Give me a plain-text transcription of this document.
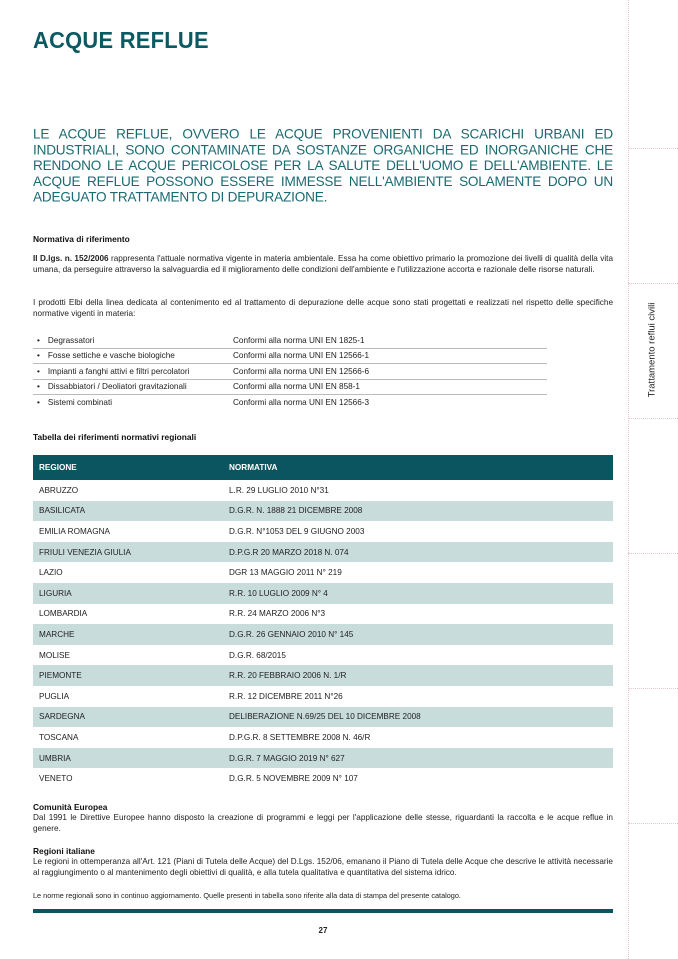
ACQUE REFLUE
LE ACQUE REFLUE, OVVERO LE ACQUE PROVENIENTI DA SCARICHI URBANI ED INDUSTRIALI, SONO CONTAMINATE DA SOSTANZE ORGANICHE ED INORGANICHE CHE RENDONO LE ACQUE PERICOLOSE PER LA SALUTE DELL'UOMO E DELL'AMBIENTE. LE ACQUE REFLUE POSSONO ESSERE IMMESSE NELL'AMBIENTE SOLAMENTE DOPO UN ADEGUATO TRATTAMENTO DI DEPURAZIONE.
Normativa di riferimento
Il D.lgs. n. 152/2006 rappresenta l'attuale normativa vigente in materia ambientale. Essa ha come obiettivo primario la promozione dei livelli di qualità della vita umana, da perseguire attraverso la salvaguardia ed il miglioramento delle condizioni dell'ambiente e l'utilizzazione accorta e razionale delle risorse naturali.
I prodotti Elbi della linea dedicata al contenimento ed al trattamento di depurazione delle acque sono stati progettati e realizzati nel rispetto delle specifiche normative vigenti in materia:
• Degrassatori	Conformi alla norma UNI EN 1825-1
• Fosse settiche e vasche biologiche	Conformi alla norma UNI EN 12566-1
• Impianti a fanghi attivi e filtri percolatori	Conformi alla norma UNI EN 12566-6
• Dissabbiatori / Deoliatori gravitazionali	Conformi alla norma UNI EN 858-1
• Sistemi combinati	Conformi alla norma UNI EN 12566-3
Tabella dei riferimenti normativi regionali
REGIONE	NORMATIVA
ABRUZZO	L.R. 29 LUGLIO 2010 N°31
BASILICATA	D.G.R. N. 1888 21 DICEMBRE 2008
EMILIA ROMAGNA	D.G.R. N°1053 DEL 9 GIUGNO 2003
FRIULI VENEZIA GIULIA	D.P.G.R 20 MARZO 2018 N. 074
LAZIO	DGR 13 MAGGIO 2011 N° 219
LIGURIA	R.R. 10 LUGLIO 2009 N° 4
LOMBARDIA	R.R. 24 MARZO 2006 N°3
MARCHE	D.G.R. 26 GENNAIO 2010 N° 145
MOLISE	D.G.R. 68/2015
PIEMONTE	R.R. 20 FEBBRAIO 2006 N. 1/R
PUGLIA	R.R. 12 DICEMBRE 2011 N°26
SARDEGNA	DELIBERAZIONE N.69/25 DEL 10 DICEMBRE 2008
TOSCANA	D.P.G.R. 8 SETTEMBRE 2008 N. 46/R
UMBRIA	D.G.R. 7 MAGGIO 2019 N° 627
VENETO	D.G.R. 5 NOVEMBRE 2009 N° 107
Comunità Europea
Dal 1991 le Direttive Europee hanno disposto la creazione di programmi e leggi per l'applicazione delle stesse, riguardanti la raccolta e le acque reflue in genere.
Regioni italiane
Le regioni in ottemperanza all'Art. 121 (Piani di Tutela delle Acque) del D.Lgs. 152/06, emanano il Piano di Tutela delle Acque che descrive le attività necessarie al raggiungimento o al mantenimento degli obiettivi di qualità, e alla tutela qualitativa e quantitativa del sistema idrico.
Le norme regionali sono in continuo aggiornamento. Quelle presenti in tabella sono riferite alla data di stampa del presente catalogo.
27
Trattamento reflui civili
